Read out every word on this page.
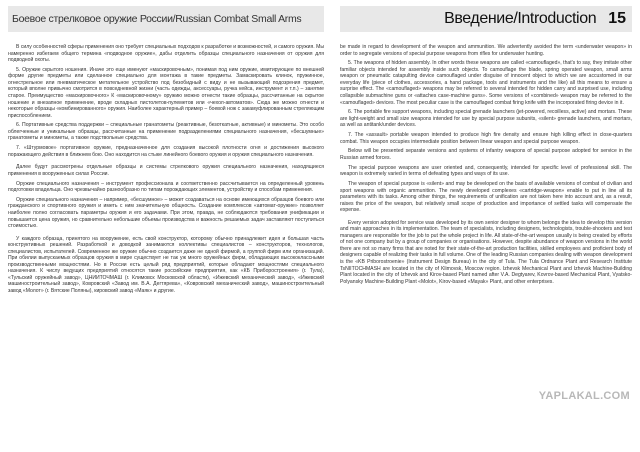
Боевое стрелковое оружие России/Russian Combat Small Arms	Введение/Introduction 15

В силу особенностей сферы применения оно требует специальных подходов к разработке и возможностей, и самого оружия. Мы намеренно избегаем общего термина «подводное оружие», дабы отделить образцы специального назначения от оружия для подводной охоты.

5. Оружие скрытого ношения. Иначе это еще именуют «маскировочным», понимая под ним оружие, имитирующее по внешней форме другие предметы или сделанное специально для монтажа в такие предметы. Замаскировать клинок, пружинное, огнестрельное или пневматическое метательное устройство под безобидный с виду и не вызывающий подозрения предмет, который вполне привычно смотрится в повседневной жизни (часть одежды, аксессуары, ручка кейса, инструмент и т.п.) – занятие старое. Преимущество «маскировочного» К «маскировочному» оружию можно отнести такие образцы, рассчитанные на скрытое ношение и внезапное применение, вроде складных пистолетов-пулеметов или «чехол-автоматов». Сюда же можно отнести и некоторые образцы «комбинированного» оружия. Наиболее характерный пример – боевой нож с закамуфлированным стреляющим приспособлением.

6. Портативные средства поддержки – специальные гранатометы (реактивные, безоткатные, активные) и минометы. Это особо облегченные и уникальные образцы, рассчитанные на применение подразделениями специального назначения, «бесшумные» гранатометы и минометы, а также подствольные средства.

7. «Штурмовое» портативное оружие, предназначенное для создания высокой плотности огня и достижения высокого поражающего действия в ближнем бою. Оно находится на стыке линейного боевого оружия и оружия специального назначения.

Далее будут рассмотрены отдельные образцы и системы стрелкового оружия специального назначения, находящиеся применения в вооруженных силах России.

Оружие специального назначения – инструмент профессионала и соответственно рассчитывается на определенный уровень подготовки владельца. Оно чрезвычайно разнообразно по типам порождающих элементов, устройству и способам применения.

Оружие специального назначения – например, «бесшумное» – может создаваться на основе имеющихся образцов боевого или гражданского и спортивного оружия и иметь с ним значительную общность. Создание комплексов «автомат-оружие» позволяет наиболее полно согласовать параметры оружия и его задачами. При этом, правда, не соблюдаются требования унификации и повышается цена оружия, но сравнительно небольшие объемы производства и важность решаемых задач заставляют поступиться стоимостью.

У каждого образца, принятого на вооружение, есть свой конструктор, которому обычно принадлежит идея и большая часть конструктивных решений. Разработкой и доводкой занимаются коллективы специалистов – конструкторов, технологов, специалистов, испытателей. Современное же оружие обычно создается даже не одной фирмой, а группой фирм или организаций. При обилии выпускаемых образцов оружия в мире существует не так уж много оружейных фирм, обладающих высококлассными производственными мощностями. Но в России есть целый ряд предприятий, которые обладают мощностями специального назначения. К числу ведущих предприятий относятся такие российские предприятия, как «КБ Приборостроения» (г. Тула), «Тульский оружейный завод», ЦНИИТОЧМАШ (г. Климовск Московской области), «Ижевский механический завод», «Ижевский машиностроительный завод», Ковровский «Завод им. В.А. Дегтярева», «Ковровский механический завод», машиностроительный завод «Молот» (г. Вятские Поляны), кировский завод «Маяк» и другие.

be made in regard to development of the weapon and ammunition. We advertently avoided the term «underwater weapon» in order to segregate versions of special purpose weapons from rifles for underwater hunting.

5. The weapons of hidden assembly. In other words these weapons are called «camouflaged», that's to say, they imitate other familiar objects intended for assembly inside such objects. To camouflage the blade, spring operated weapon, small arms weapon or pneumatic catapulting device camouflaged under disguise of innocent object to which we are accustomed in our everyday life (piece of clothes, accessories, a hand package, tools and instruments and the like) all this means to ensure a surprise effect. The «camouflaged» weapons may be referred to several intended for hidden carry and surprised use, including collapsible submachine guns or «attaches case-machine guns». Some versions of «combined» weapon may be referred to the «camouflaged» devices. The most peculiar case is the camouflaged combat firing knife with the incorporated firing device in it.

6. The portable fire support weapons, including special grenade launchers (jet-powered, recoilless, active) and mortars. These are light-weight and small size weapons intended for use by special purpose subunits, «silent» grenade launchers, and mortars, as well as antitank/under devices.

7. The «assault» portable weapon intended to produce high fire density and ensure high killing effect in close-quarters combat. This weapon occupies intermediate position between linear weapon and special purpose weapon.

Below will be presented separate versions and systems of infantry weapons of special purpose adopted for service in the Russian armed forces.

The special purpose weapons are user oriented and, consequently, intended for specific level of professional skill. The weapon is extremely varied in terms of defeating types and ways of its use.

The weapon of special purpose is «silent» and may be developed on the basis of available versions of combat of civilian and sport weapons with organic ammunition. The newly developed complexes «cartridge-weapon» enable to put in line all its parameters with its tasks. Among other things, the requirements of unification are not taken here into account and, as a result, raises the price of the weapon, but relatively small scope of production and importance of settled tasks will compensate the expense.

Every version adopted for service was developed by its own senior designer to whom belongs the idea to develop this version and main approaches in its implementation. The team of specialists, including designers, technologists, trouble-shooters and test managers are responsible for the job to put the whole project in life. All state-of-the-art weapon usually is being created by efforts of not one company but by a group of companies or organisations. However, despite abundance of weapon versions in the world there are not so many firms that are noted for their state-of-the-art production facilities, skilled employees and proficient body of designers capable of realizing their tasks in full volume. One of the leading Russian companies dealing with weapon development is the «KB Priborostroenie» (Instrument Design Bureau) in the city of Tula. The Tula Ordnance Plant and Research Institute TsNIITOCHMASH are located in the city of Klimovsk, Moscow region. Izhevsk Mechanical Plant and Izhevsk Machine-Building Plant located in the city of Izhevsk and Kirov-based Plant named after V.A. Degtyarev, Kovrov-based Mechanical Plant, Vyatsko-Polyansky Machine-Building Plant «Molot», Kirov-based «Mayak» Plant, and other enterprises.

YAPLAKAL.COM
